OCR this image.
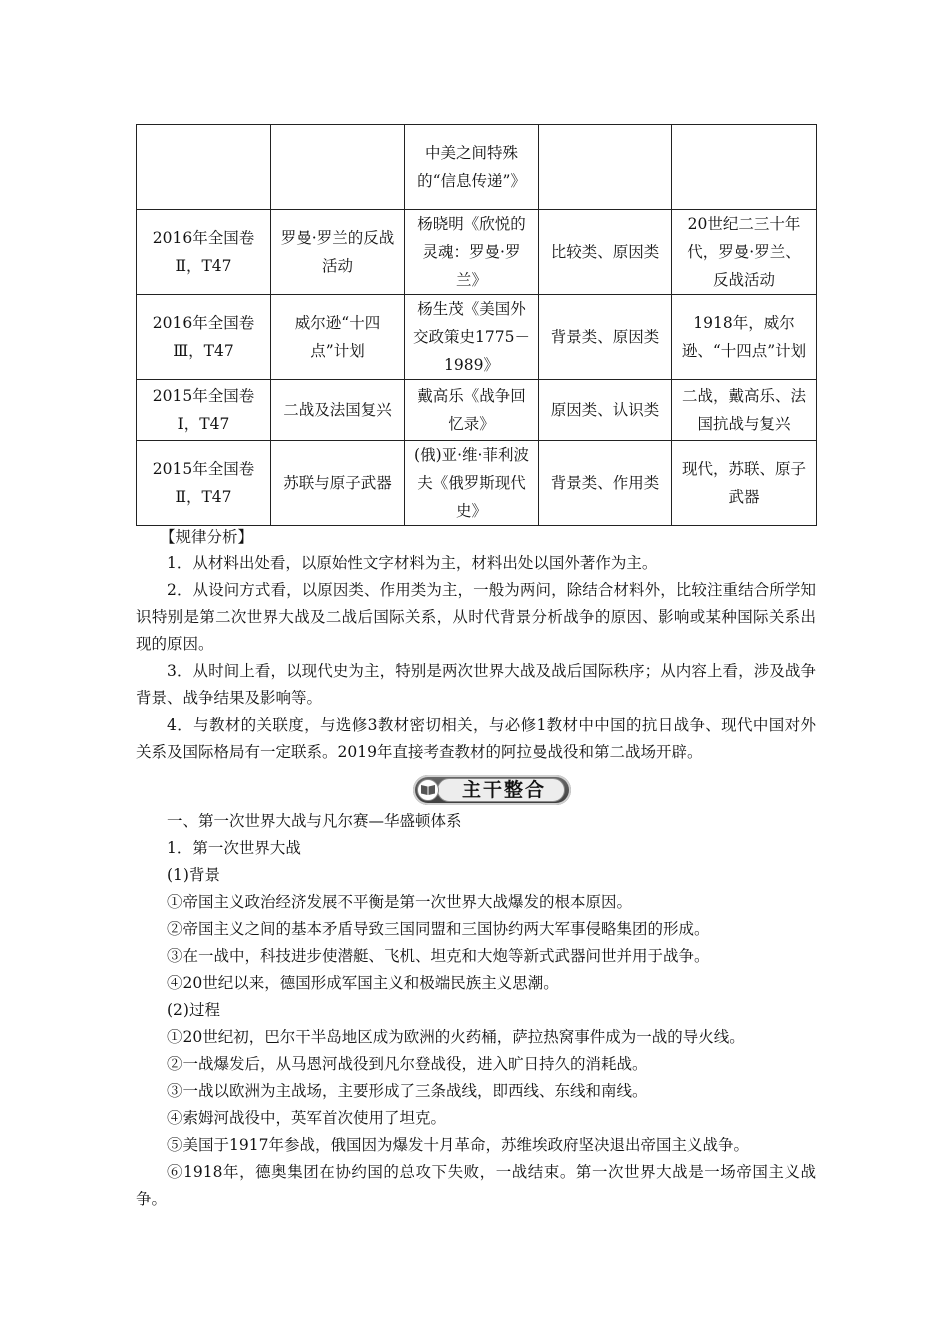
		中美之间特殊的“信息传递”》		
2016年全国卷Ⅱ，T47	罗曼·罗兰的反战活动	杨晓明《欣悦的灵魂：罗曼·罗兰》	比较类、原因类	20世纪二三十年代，罗曼·罗兰、反战活动
2016年全国卷Ⅲ，T47	威尔逊“十四点”计划	杨生茂《美国外交政策史1775－1989》	背景类、原因类	1918年，威尔逊、“十四点”计划
2015年全国卷Ⅰ，T47	二战及法国复兴	戴高乐《战争回忆录》	原因类、认识类	二战，戴高乐、法国抗战与复兴
2015年全国卷Ⅱ，T47	苏联与原子武器	(俄)亚·维·菲利波夫《俄罗斯现代史》	背景类、作用类	现代，苏联、原子武器
【规律分析】

1．从材料出处看，以原始性文字材料为主，材料出处以国外著作为主。

2．从设问方式看，以原因类、作用类为主，一般为两问，除结合材料外，比较注重结合所学知识特别是第二次世界大战及二战后国际关系，从时代背景分析战争的原因、影响或某种国际关系出现的原因。

3．从时间上看，以现代史为主，特别是两次世界大战及战后国际秩序；从内容上看，涉及战争背景、战争结果及影响等。

4．与教材的关联度，与选修3教材密切相关，与必修1教材中中国的抗日战争、现代中国对外关系及国际格局有一定联系。2019年直接考查教材的阿拉曼战役和第二战场开辟。

主干整合

一、第一次世界大战与凡尔赛—华盛顿体系

1．第一次世界大战

(1)背景

①帝国主义政治经济发展不平衡是第一次世界大战爆发的根本原因。

②帝国主义之间的基本矛盾导致三国同盟和三国协约两大军事侵略集团的形成。

③在一战中，科技进步使潜艇、飞机、坦克和大炮等新式武器问世并用于战争。

④20世纪以来，德国形成军国主义和极端民族主义思潮。

(2)过程

①20世纪初，巴尔干半岛地区成为欧洲的火药桶，萨拉热窝事件成为一战的导火线。

②一战爆发后，从马恩河战役到凡尔登战役，进入旷日持久的消耗战。

③一战以欧洲为主战场，主要形成了三条战线，即西线、东线和南线。

④索姆河战役中，英军首次使用了坦克。

⑤美国于1917年参战，俄国因为爆发十月革命，苏维埃政府坚决退出帝国主义战争。

⑥1918年，德奥集团在协约国的总攻下失败，一战结束。第一次世界大战是一场帝国主义战争。
